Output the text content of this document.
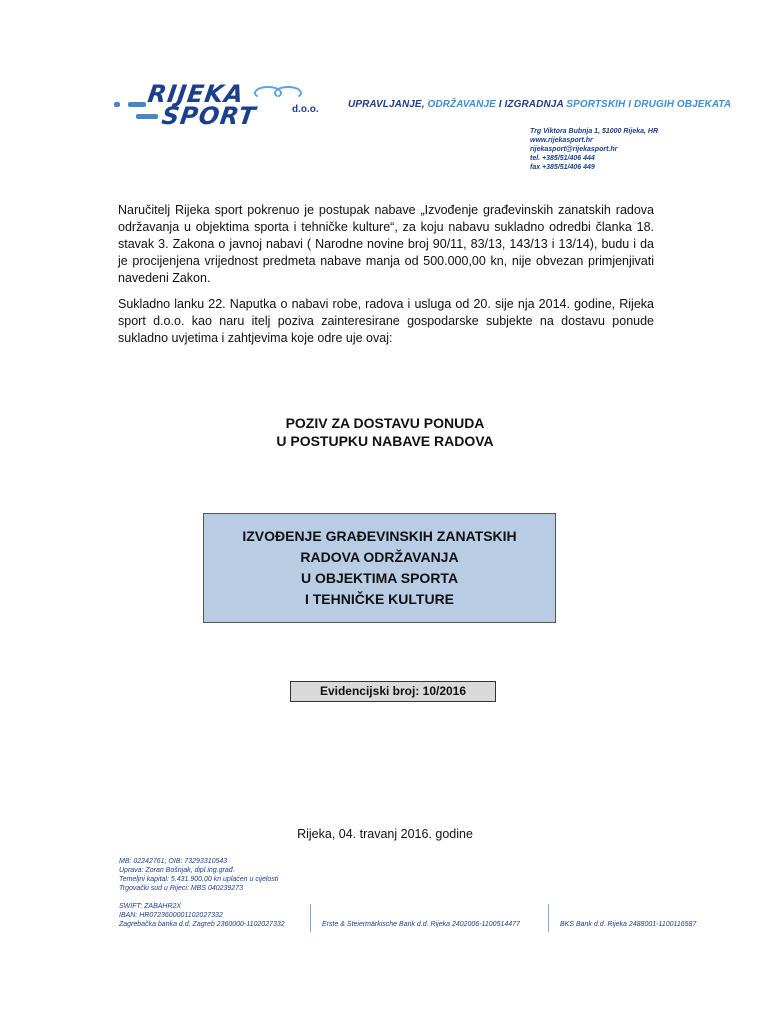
RIJEKA
SPORT	d.o.o.	UPRAVLJANJE, ODRŽAVANJE I IZGRADNJA SPORTSKIH I DRUGIH OBJEKATA
Trg Viktora Bubnja 1, 51000 Rijeka, HR
www.rijekasport.hr
rijekasport@rijekasport.hr
tel. +385/51/406 444
fax +385/51/406 449
Naručitelj Rijeka sport pokrenuo je postupak nabave „Izvođenje građevinskih zanatskih radova održavanja u objektima sporta i tehničke kulture“, za koju nabavu sukladno odredbi članka 18. stavak 3. Zakona o javnoj nabavi ( Narodne novine broj 90/11, 83/13, 143/13 i 13/14), budu i da je procijenjena vrijednost predmeta nabave manja od 500.000,00 kn, nije obvezan primjenjivati navedeni Zakon.
Sukladno lanku 22. Naputka o nabavi robe, radova i usluga od 20. sije nja 2014. godine, Rijeka sport d.o.o. kao naru itelj poziva zainteresirane gospodarske subjekte na dostavu ponude sukladno uvjetima i zahtjevima koje odre uje ovaj:
POZIV ZA DOSTAVU PONUDA
U POSTUPKU NABAVE RADOVA
IZVOĐENJE GRAĐEVINSKIH ZANATSKIH
RADOVA ODRŽAVANJA
U OBJEKTIMA SPORTA
I TEHNIČKE KULTURE
Evidencijski broj: 10/2016
Rijeka, 04. travanj 2016. godine
MB: 02242761; OIB: 73293310543
Uprava: Zoran Bošnjak, dipl.ing.građ.
Temeljni kapital: 5.431.900,00 kn uplaćen u cijelosti
Trgovački sud u Rijeci: MBS 040239273
SWIFT: ZABAHR2X
IBAN: HR0723600001102027332
Zagrebačka banka d.d. Zagreb 2360000-1102027332	Erste & Steiermärkische Bank d.d. Rijeka 2402006-1100514477	BKS Bank d.d. Rijeka 2488001-1100116587
